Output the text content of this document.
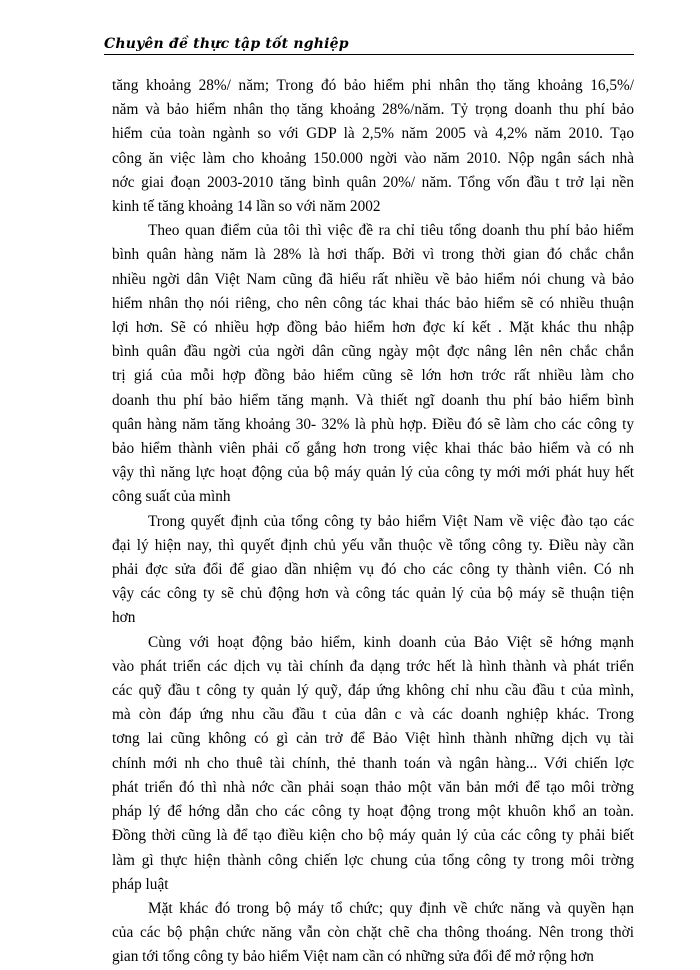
Chuyên đề thực tập tốt nghiệp
tăng khoảng 28%/ năm; Trong đó bảo hiểm phi nhân thọ tăng khoảng 16,5%/
năm và bảo hiểm nhân thọ tăng khoảng 28%/năm. Tỷ trọng doanh thu phí bảo
hiểm của toàn ngành so với GDP là 2,5% năm 2005 và 4,2% năm 2010. Tạo
công ăn việc làm cho khoảng 150.000 ngời vào năm 2010. Nộp ngân sách nhà
nớc giai đoạn 2003-2010 tăng bình quân 20%/ năm. Tổng vốn đầu t trở lại nền
kinh tế tăng khoảng 14 lần so với năm 2002
Theo quan điểm của tôi thì việc đề ra chỉ tiêu tổng doanh thu phí bảo hiểm
bình quân hàng năm là 28% là hơi thấp. Bởi vì trong thời gian đó chắc chắn
nhiều ngời dân Việt Nam cũng đã hiểu rất nhiều về bảo hiểm nói chung và bảo
hiểm nhân thọ nói riêng, cho nên công tác khai thác bảo hiểm sẽ có nhiều thuận
lợi hơn. Sẽ có nhiều hợp đồng bảo hiểm hơn đợc kí kết . Mặt khác thu nhập
bình quân đầu ngời của ngời dân cũng ngày một đợc nâng lên nên chắc chắn
trị giá của mỗi hợp đồng bảo hiểm cũng sẽ lớn hơn trớc rất nhiều làm cho
doanh thu phí bảo hiểm tăng mạnh. Và thiết ngĩ doanh thu phí bảo hiểm bình
quân hàng năm tăng khoảng 30- 32% là phù hợp. Điều đó sẽ làm cho các công ty
bảo hiểm thành viên phải cố gắng hơn trong việc khai thác bảo hiểm và có nh
vậy thì năng lực hoạt động của bộ máy quản lý của công ty mới mới phát huy hết
công suất của mình
Trong quyết định của tổng công ty bảo hiểm Việt Nam về việc đào tạo các
đại lý hiện nay, thì quyết định chủ yếu vẫn thuộc về tổng công ty. Điều này cần
phải đợc sửa đổi để giao dần nhiệm vụ đó cho các công ty thành viên. Có nh
vậy các công ty sẽ chủ động hơn và công tác quản lý của bộ máy sẽ thuận tiện
hơn
Cùng với hoạt động bảo hiểm, kinh doanh của Bảo Việt sẽ hớng mạnh
vào phát triển các dịch vụ tài chính đa dạng trớc hết là hình thành và phát triển
các quỹ đầu t công ty quản lý quỹ, đáp ứng không chỉ nhu cầu đầu t của mình,
mà còn đáp ứng nhu cầu đầu t của dân c và các doanh nghiệp khác. Trong
tơng lai cũng không có gì cản trở để Bảo Việt hình thành những dịch vụ tài
chính mới nh cho thuê tài chính, thẻ thanh toán và ngân hàng... Với chiến lợc
phát triển đó thì nhà nớc cần phải soạn thảo một văn bản mới để tạo môi trờng
pháp lý để hớng dẫn cho các công ty hoạt động trong một khuôn khổ an toàn.
Đồng thời cũng là để tạo điều kiện cho bộ máy quản lý của các công ty phải biết
làm gì thực hiện thành công chiến lợc chung của tổng công ty trong môi trờng
pháp luật
Mặt khác đó trong bộ máy tổ chức; quy định về chức năng và quyền hạn
của các bộ phận chức năng vẫn còn chặt chẽ cha thông thoáng. Nên trong thời
gian tới tổng công ty bảo hiểm Việt nam cần có những sửa đổi để mở rộng hơn
